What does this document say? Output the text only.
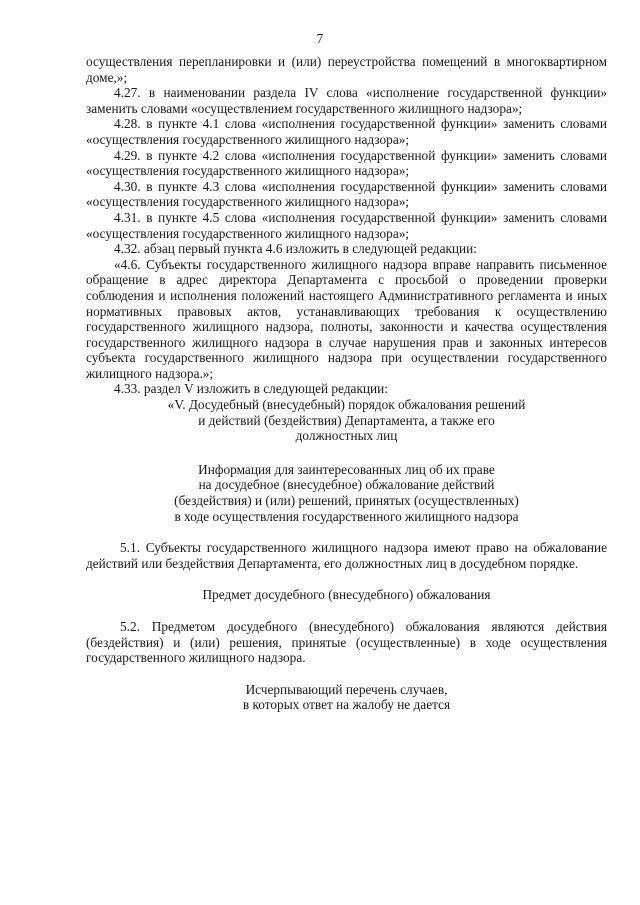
7

осуществления перепланировки и (или) переустройства помещений в многоквартирном доме,»;

4.27. в наименовании раздела IV слова «исполнение государственной функции» заменить словами «осуществлением государственного жилищного надзора»;

4.28. в пункте 4.1 слова «исполнения государственной функции» заменить словами «осуществления государственного жилищного надзора»;

4.29. в пункте 4.2 слова «исполнения государственной функции» заменить словами «осуществления государственного жилищного надзора»;

4.30. в пункте 4.3 слова «исполнения государственной функции» заменить словами «осуществления государственного жилищного надзора»;

4.31. в пункте 4.5 слова «исполнения государственной функции» заменить словами «осуществления государственного жилищного надзора»;

4.32. абзац первый пункта 4.6 изложить в следующей редакции:

«4.6. Субъекты государственного жилищного надзора вправе направить письменное обращение в адрес директора Департамента с просьбой о проведении проверки соблюдения и исполнения положений настоящего Административного регламента и иных нормативных правовых актов, устанавливающих требования к осуществлению государственного жилищного надзора, полноты, законности и качества осуществления государственного жилищного надзора в случае нарушения прав и законных интересов субъекта государственного жилищного надзора при осуществлении государственного жилищного надзора.»;

4.33. раздел V изложить в следующей редакции:

«V. Досудебный (внесудебный) порядок обжалования решений

и действий (бездействия) Департамента, а также его

должностных лиц

Информация для заинтересованных лиц об их праве

на досудебное (внесудебное) обжалование действий

(бездействия) и (или) решений, принятых (осуществленных)

в ходе осуществления государственного жилищного надзора

5.1. Субъекты государственного жилищного надзора имеют право на обжалование действий или бездействия Департамента, его должностных лиц в досудебном порядке.

Предмет досудебного (внесудебного) обжалования

5.2. Предметом досудебного (внесудебного) обжалования являются действия (бездействия) и (или) решения, принятые (осуществленные) в ходе осуществления государственного жилищного надзора.

Исчерпывающий перечень случаев,

в которых ответ на жалобу не дается
